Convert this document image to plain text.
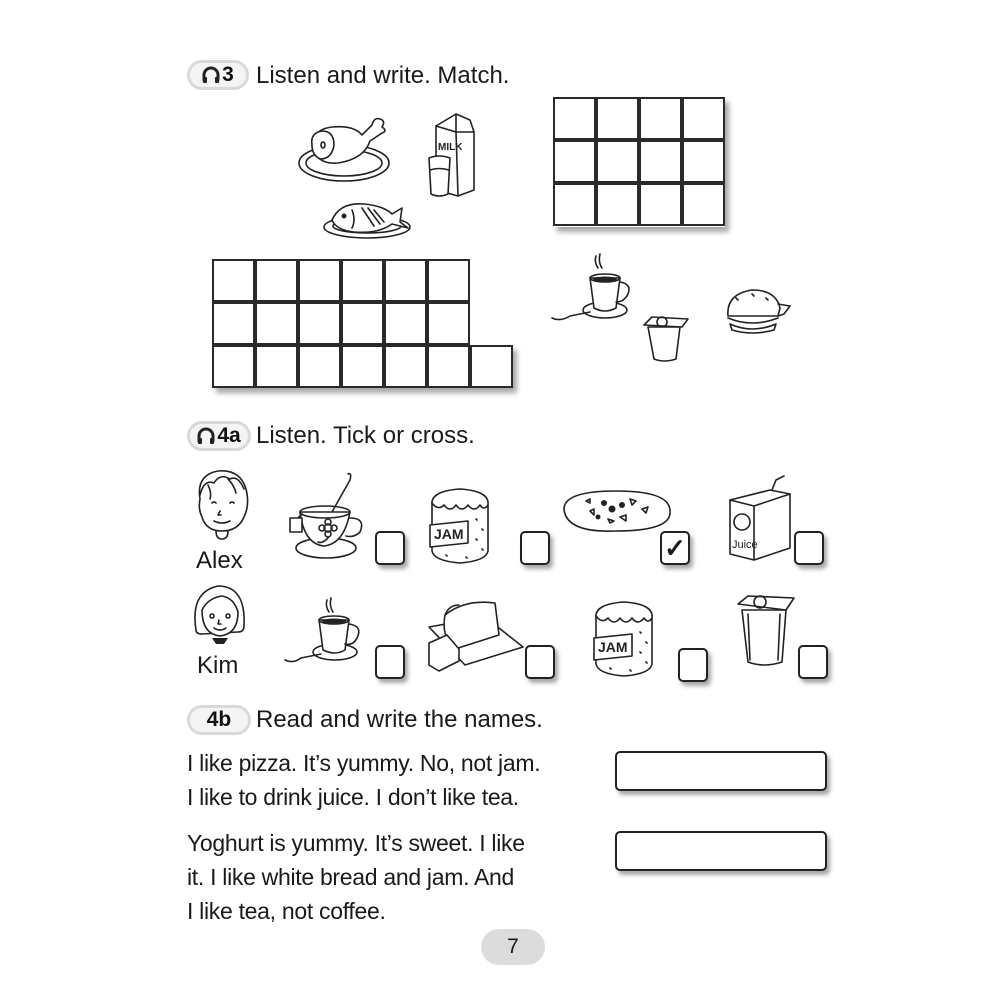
3 Listen and write. Match.
MILK
4a Listen. Tick or cross.
Alex
JAM	✓	Juice
Kim
JAM
4b Read and write the names.
I like pizza. It’s yummy. No, not jam.
I like to drink juice. I don’t like tea.
Yoghurt is yummy. It’s sweet. I like
it. I like white bread and jam. And
I like tea, not coffee.
7
